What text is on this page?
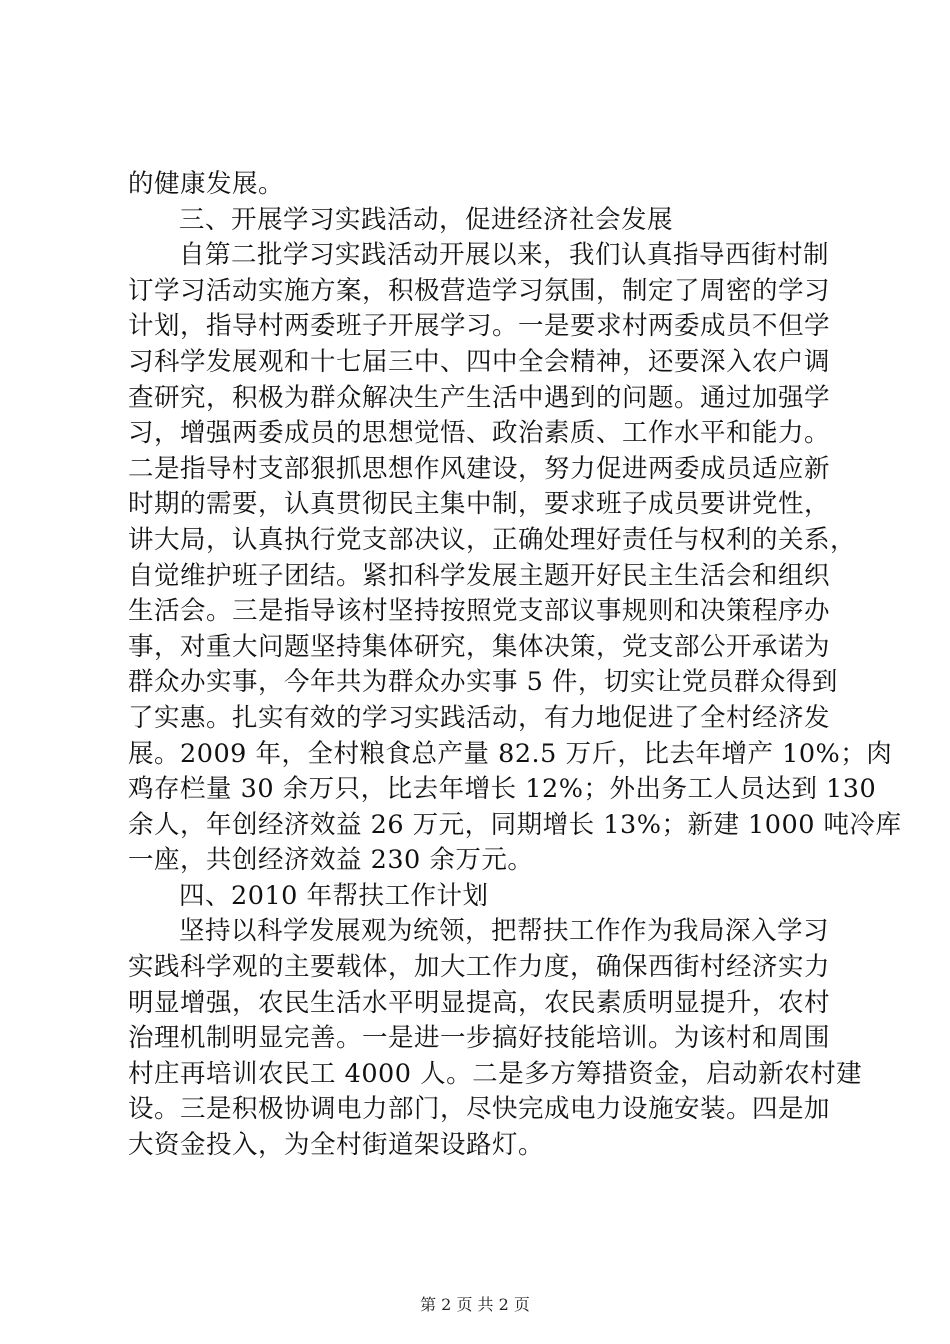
的健康发展。
三、开展学习实践活动，促进经济社会发展
自第二批学习实践活动开展以来，我们认真指导西街村制
订学习活动实施方案，积极营造学习氛围，制定了周密的学习
计划，指导村两委班子开展学习。一是要求村两委成员不但学
习科学发展观和十七届三中、四中全会精神，还要深入农户调
查研究，积极为群众解决生产生活中遇到的问题。通过加强学
习，增强两委成员的思想觉悟、政治素质、工作水平和能力。
二是指导村支部狠抓思想作风建设，努力促进两委成员适应新
时期的需要，认真贯彻民主集中制，要求班子成员要讲党性，
讲大局，认真执行党支部决议，正确处理好责任与权利的关系，
自觉维护班子团结。紧扣科学发展主题开好民主生活会和组织
生活会。三是指导该村坚持按照党支部议事规则和决策程序办
事，对重大问题坚持集体研究，集体决策，党支部公开承诺为
群众办实事，今年共为群众办实事 5 件，切实让党员群众得到
了实惠。扎实有效的学习实践活动，有力地促进了全村经济发
展。2009 年，全村粮食总产量 82.5 万斤，比去年增产 10%；肉
鸡存栏量 30 余万只，比去年增长 12%；外出务工人员达到 130
余人，年创经济效益 26 万元，同期增长 13%；新建 1000 吨冷库
一座，共创经济效益 230 余万元。
四、2010 年帮扶工作计划
坚持以科学发展观为统领，把帮扶工作作为我局深入学习
实践科学观的主要载体，加大工作力度，确保西街村经济实力
明显增强，农民生活水平明显提高，农民素质明显提升，农村
治理机制明显完善。一是进一步搞好技能培训。为该村和周围
村庄再培训农民工 4000 人。二是多方筹措资金，启动新农村建
设。三是积极协调电力部门，尽快完成电力设施安装。四是加
大资金投入，为全村街道架设路灯。
第 2 页 共 2 页
